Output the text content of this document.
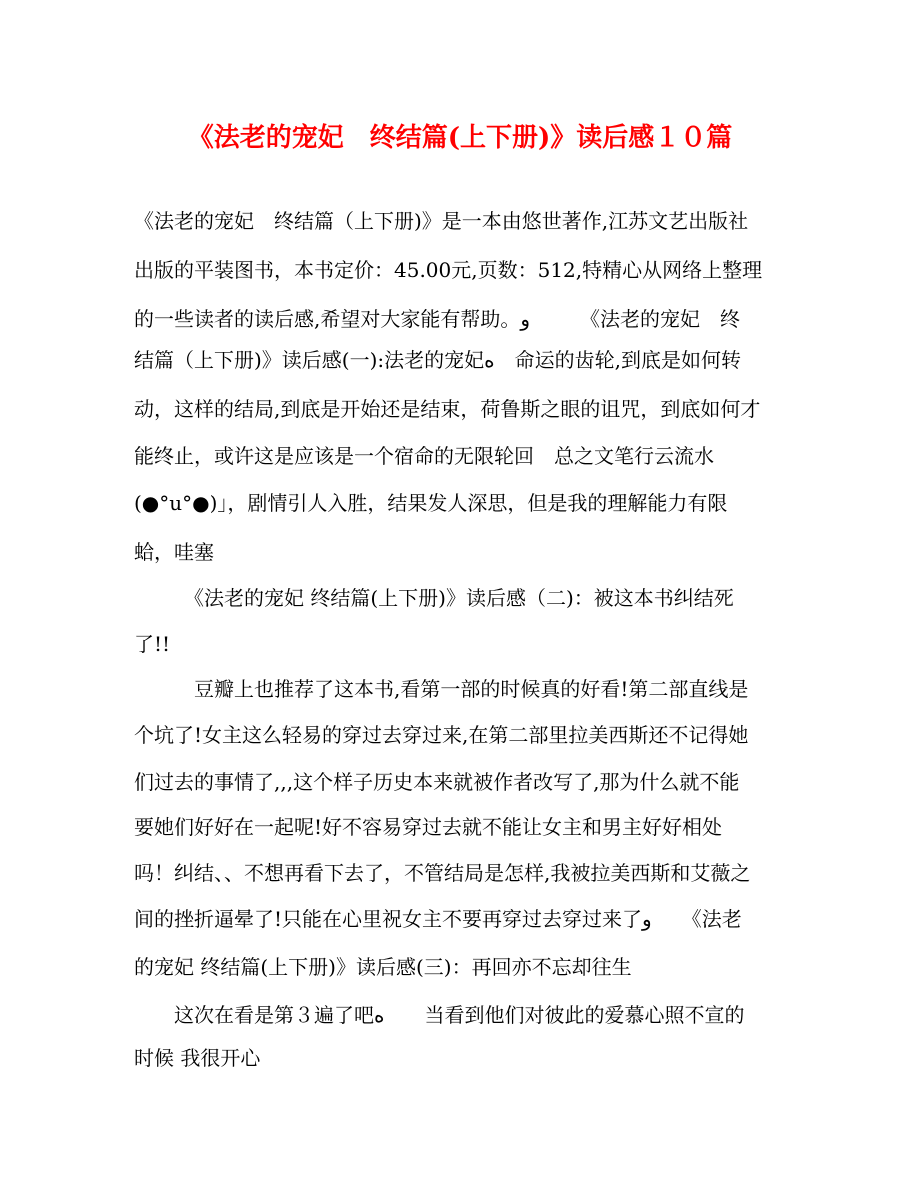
《法老的宠妃　终结篇(上下册)》读后感１０篇
《法老的宠妃　终结篇（上下册)》是一本由悠世著作,江苏文艺出版社
出版的平装图书，本书定价：45.00元,页数：512,特精心从网络上整理
的一些读者的读后感,希望对大家能有帮助。و　　　《法老的宠妃　终
结篇（上下册)》读后感(一):法老的宠妃ﻩ　命运的齿轮,到底是如何转
动，这样的结局,到底是开始还是结束，荷鲁斯之眼的诅咒，到底如何才
能终止，或许这是应该是一个宿命的无限轮回　总之文笔行云流水
(●°u°●)」，剧情引人入胜，结果发人深思，但是我的理解能力有限
蛤，哇塞
《法老的宠妃 终结篇(上下册)》读后感（二)：被这本书纠结死
了!!
豆瓣上也推荐了这本书,看第一部的时候真的好看!第二部直线是
个坑了!女主这么轻易的穿过去穿过来,在第二部里拉美西斯还不记得她
们过去的事情了,,,这个样子历史本来就被作者改写了,那为什么就不能
要她们好好在一起呢!好不容易穿过去就不能让女主和男主好好相处
吗！纠结、、不想再看下去了，不管结局是怎样,我被拉美西斯和艾薇之
间的挫折逼晕了!只能在心里祝女主不要再穿过去穿过来了و　　《法老
的宠妃 终结篇(上下册)》读后感(三)：再回亦不忘却往生
这次在看是第３遍了吧ﻩ　　当看到他们对彼此的爱慕心照不宣的
时候 我很开心
